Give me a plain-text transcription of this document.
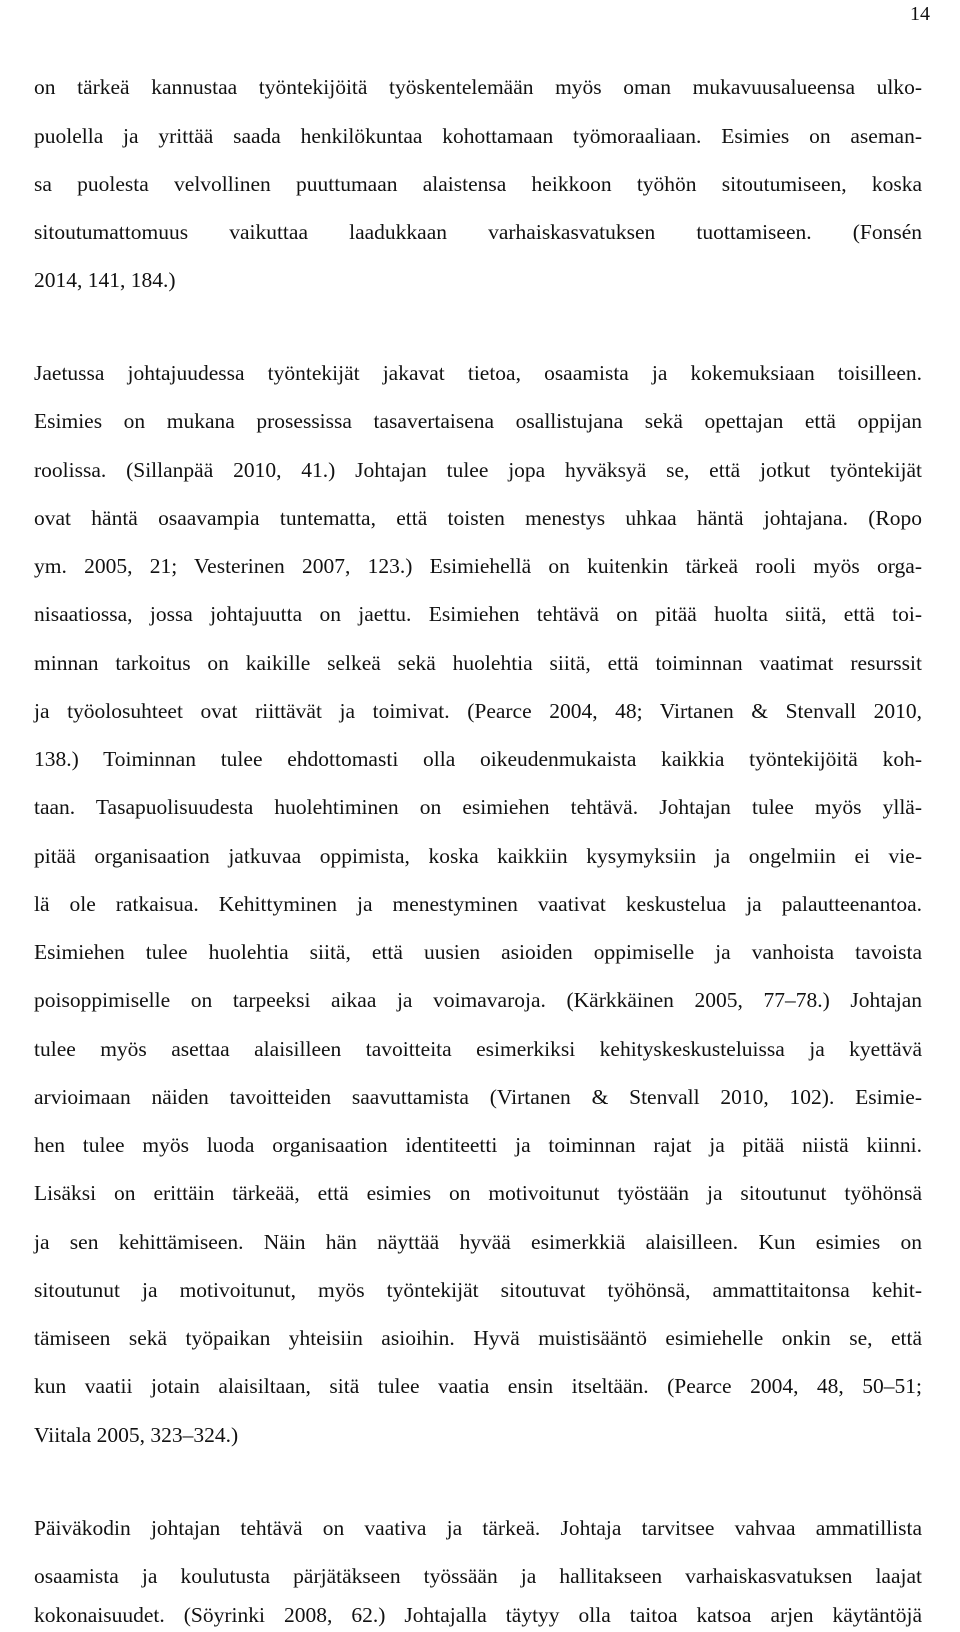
14
on tärkeä kannustaa työntekijöitä työskentelemään myös oman mukavuusalueensa ulko-
puolella ja yrittää saada henkilökuntaa kohottamaan työmoraaliaan. Esimies on aseman-
sa puolesta velvollinen puuttumaan alaistensa heikkoon työhön sitoutumiseen, koska
sitoutumattomuus vaikuttaa laadukkaan varhaiskasvatuksen tuottamiseen. (Fonsén
2014, 141, 184.)
Jaetussa johtajuudessa työntekijät jakavat tietoa, osaamista ja kokemuksiaan toisilleen.
Esimies on mukana prosessissa tasavertaisena osallistujana sekä opettajan että oppijan
roolissa. (Sillanpää 2010, 41.) Johtajan tulee jopa hyväksyä se, että jotkut työntekijät
ovat häntä osaavampia tuntematta, että toisten menestys uhkaa häntä johtajana. (Ropo
ym. 2005, 21; Vesterinen 2007, 123.) Esimiehellä on kuitenkin tärkeä rooli myös orga-
nisaatiossa, jossa johtajuutta on jaettu. Esimiehen tehtävä on pitää huolta siitä, että toi-
minnan tarkoitus on kaikille selkeä sekä huolehtia siitä, että toiminnan vaatimat resurssit
ja työolosuhteet ovat riittävät ja toimivat. (Pearce 2004, 48; Virtanen & Stenvall 2010,
138.) Toiminnan tulee ehdottomasti olla oikeudenmukaista kaikkia työntekijöitä koh-
taan. Tasapuolisuudesta huolehtiminen on esimiehen tehtävä. Johtajan tulee myös yllä-
pitää organisaation jatkuvaa oppimista, koska kaikkiin kysymyksiin ja ongelmiin ei vie-
lä ole ratkaisua. Kehittyminen ja menestyminen vaativat keskustelua ja palautteenantoa.
Esimiehen tulee huolehtia siitä, että uusien asioiden oppimiselle ja vanhoista tavoista
poisoppimiselle on tarpeeksi aikaa ja voimavaroja. (Kärkkäinen 2005, 77–78.) Johtajan
tulee myös asettaa alaisilleen tavoitteita esimerkiksi kehityskeskusteluissa ja kyettävä
arvioimaan näiden tavoitteiden saavuttamista (Virtanen & Stenvall 2010, 102). Esimie-
hen tulee myös luoda organisaation identiteetti ja toiminnan rajat ja pitää niistä kiinni.
Lisäksi on erittäin tärkeää, että esimies on motivoitunut työstään ja sitoutunut työhönsä
ja sen kehittämiseen. Näin hän näyttää hyvää esimerkkiä alaisilleen. Kun esimies on
sitoutunut ja motivoitunut, myös työntekijät sitoutuvat työhönsä, ammattitaitonsa kehit-
tämiseen sekä työpaikan yhteisiin asioihin. Hyvä muistisääntö esimiehelle onkin se, että
kun vaatii jotain alaisiltaan, sitä tulee vaatia ensin itseltään. (Pearce 2004, 48, 50–51;
Viitala 2005, 323–324.)
Päiväkodin johtajan tehtävä on vaativa ja tärkeä. Johtaja tarvitsee vahvaa ammatillista
osaamista ja koulutusta pärjätäkseen työssään ja hallitakseen varhaiskasvatuksen laajat
kokonaisuudet. (Söyrinki 2008, 62.) Johtajalla täytyy olla taitoa katsoa arjen käytäntöjä
